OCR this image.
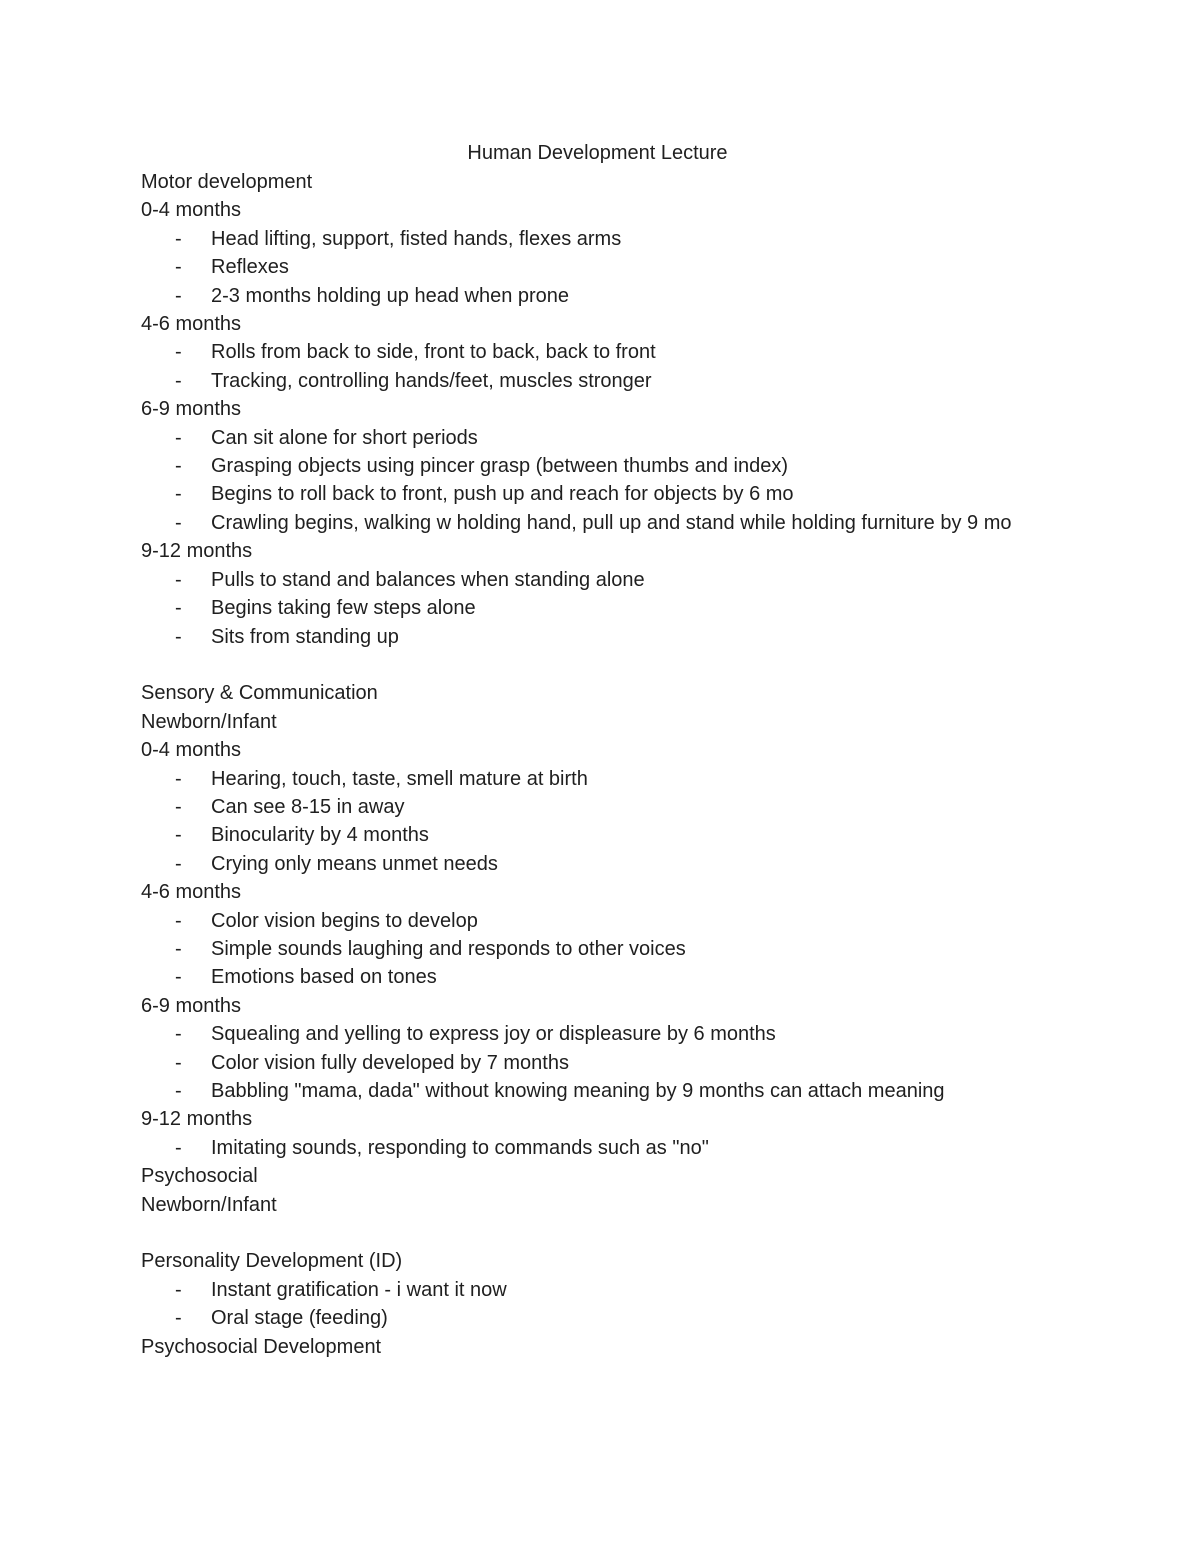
Human Development Lecture
Motor development
0-4 months
- Head lifting, support, fisted hands, flexes arms
- Reflexes
- 2-3 months holding up head when prone
4-6 months
- Rolls from back to side, front to back, back to front
- Tracking, controlling hands/feet, muscles stronger
6-9 months
- Can sit alone for short periods
- Grasping objects using pincer grasp (between thumbs and index)
- Begins to roll back to front, push up and reach for objects by 6 mo
- Crawling begins, walking w holding hand, pull up and stand while holding furniture by 9 mo
9-12 months
- Pulls to stand and balances when standing alone
- Begins taking few steps alone
- Sits from standing up
Sensory & Communication
Newborn/Infant
0-4 months
- Hearing, touch, taste, smell mature at birth
- Can see 8-15 in away
- Binocularity by 4 months
- Crying only means unmet needs
4-6 months
- Color vision begins to develop
- Simple sounds laughing and responds to other voices
- Emotions based on tones
6-9 months
- Squealing and yelling to express joy or displeasure by 6 months
- Color vision fully developed by 7 months
- Babbling "mama, dada" without knowing meaning by 9 months can attach meaning
9-12 months
- Imitating sounds, responding to commands such as "no"
Psychosocial
Newborn/Infant
Personality Development (ID)
- Instant gratification - i want it now
- Oral stage (feeding)
Psychosocial Development
